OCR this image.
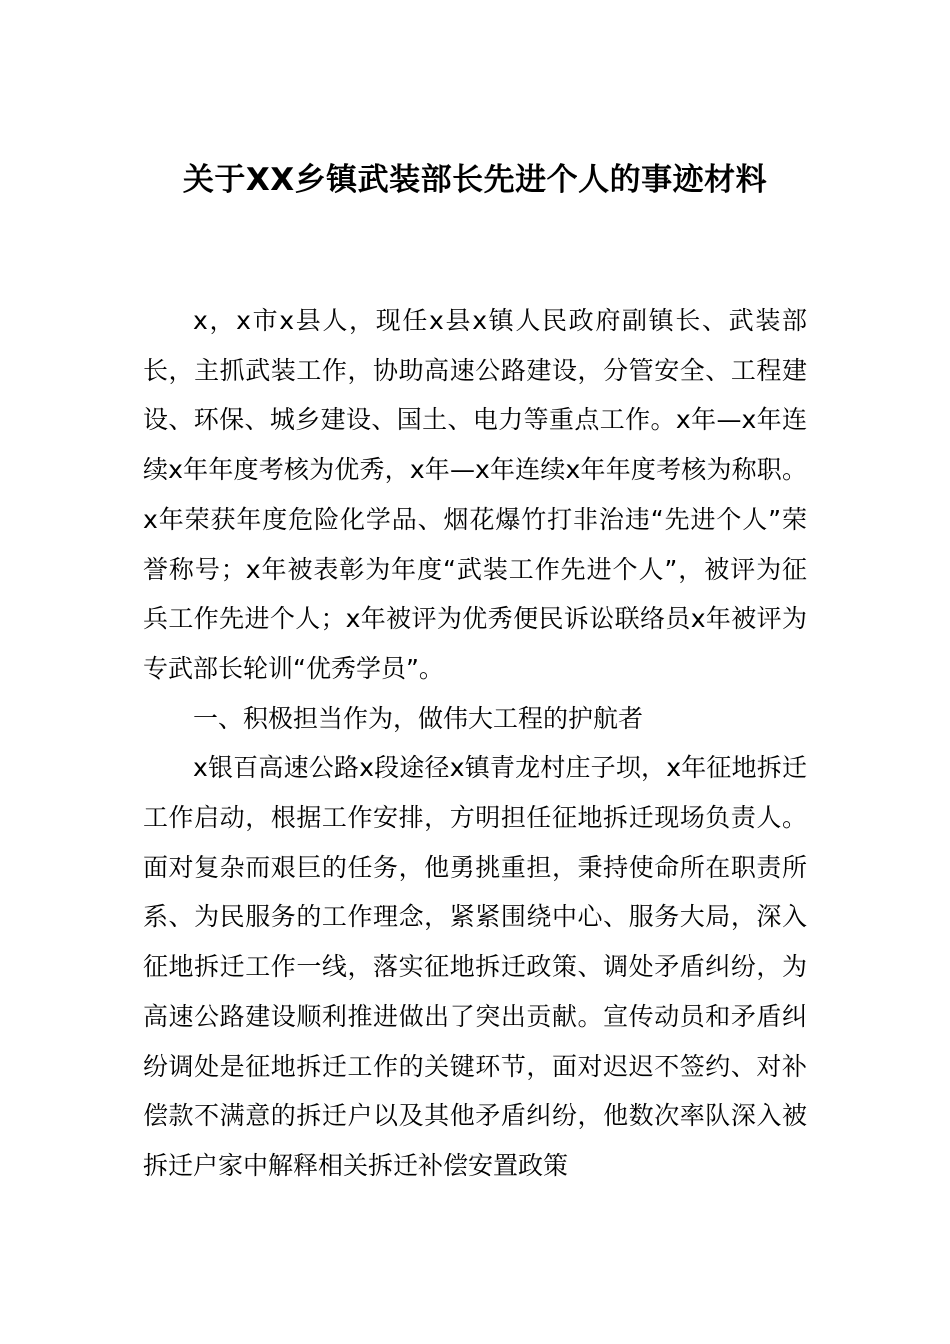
关于XX乡镇武装部长先进个人的事迹材料

x，x市x县人，现任x县x镇人民政府副镇长、武装部长，主抓武装工作，协助高速公路建设，分管安全、工程建设、环保、城乡建设、国土、电力等重点工作。x年—x年连续x年年度考核为优秀，x年—x年连续x年年度考核为称职。x年荣获年度危险化学品、烟花爆竹打非治违“先进个人”荣誉称号；x年被表彰为年度“武装工作先进个人”，被评为征兵工作先进个人；x年被评为优秀便民诉讼联络员x年被评为专武部长轮训“优秀学员”。

一、积极担当作为，做伟大工程的护航者

x银百高速公路x段途径x镇青龙村庄子坝，x年征地拆迁工作启动，根据工作安排，方明担任征地拆迁现场负责人。面对复杂而艰巨的任务，他勇挑重担，秉持使命所在职责所系、为民服务的工作理念，紧紧围绕中心、服务大局，深入征地拆迁工作一线，落实征地拆迁政策、调处矛盾纠纷，为高速公路建设顺利推进做出了突出贡献。宣传动员和矛盾纠纷调处是征地拆迁工作的关键环节，面对迟迟不签约、对补偿款不满意的拆迁户以及其他矛盾纠纷，他数次率队深入被拆迁户家中解释相关拆迁补偿安置政策
